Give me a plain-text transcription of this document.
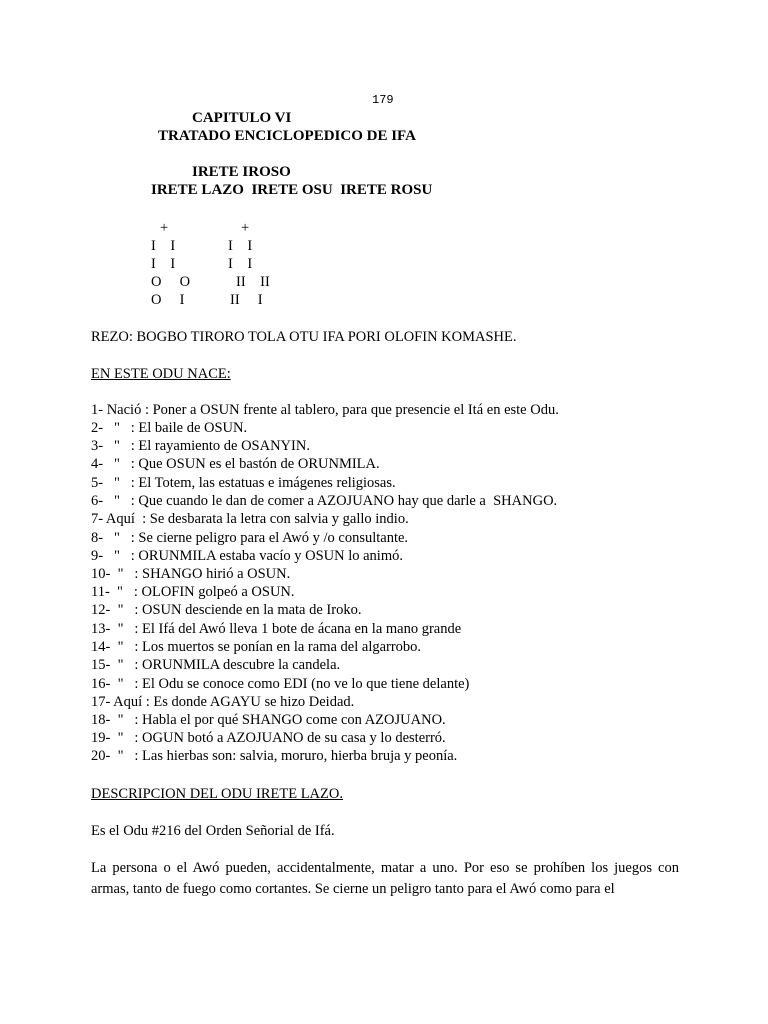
179
CAPITULO VI
TRATADO ENCICLOPEDICO DE IFA
IRETE IROSO
IRETE LAZO  IRETE OSU  IRETE ROSU
+
I    I
I    I
O     O
O     I
+
I    I
I    I
II    II
II     I
REZO: BOGBO TIRORO TOLA OTU IFA PORI OLOFIN KOMASHE.
EN ESTE ODU NACE:
1- Nació : Poner a OSUN frente al tablero, para que presencie el Itá en este Odu.
2-   "   : El baile de OSUN.
3-   "   : El rayamiento de OSANYIN.
4-   "   : Que OSUN es el bastón de ORUNMILA.
5-   "   : El Totem, las estatuas e imágenes religiosas.
6-   "   : Que cuando le dan de comer a AZOJUANO hay que darle a  SHANGO.
7- Aquí  : Se desbarata la letra con salvia y gallo indio.
8-   "   : Se cierne peligro para el Awó y /o consultante.
9-   "   : ORUNMILA estaba vacío y OSUN lo animó.
10-  "   : SHANGO hirió a OSUN.
11-  "   : OLOFIN golpeó a OSUN.
12-  "   : OSUN desciende en la mata de Iroko.
13-  "   : El Ifá del Awó lleva 1 bote de ácana en la mano grande
14-  "   : Los muertos se ponían en la rama del algarrobo.
15-  "   : ORUNMILA descubre la candela.
16-  "   : El Odu se conoce como EDI (no ve lo que tiene delante)
17- Aquí : Es donde AGAYU se hizo Deidad.
18-  "   : Habla el por qué SHANGO come con AZOJUANO.
19-  "   : OGUN botó a AZOJUANO de su casa y lo desterró.
20-  "   : Las hierbas son: salvia, moruro, hierba bruja y peonía.
DESCRIPCION DEL ODU IRETE LAZO.
Es el Odu #216 del Orden Señorial de Ifá.
La persona o el Awó pueden, accidentalmente, matar a uno. Por eso se prohíben los juegos con armas, tanto de fuego como cortantes. Se cierne un peligro tanto para el Awó como para el
